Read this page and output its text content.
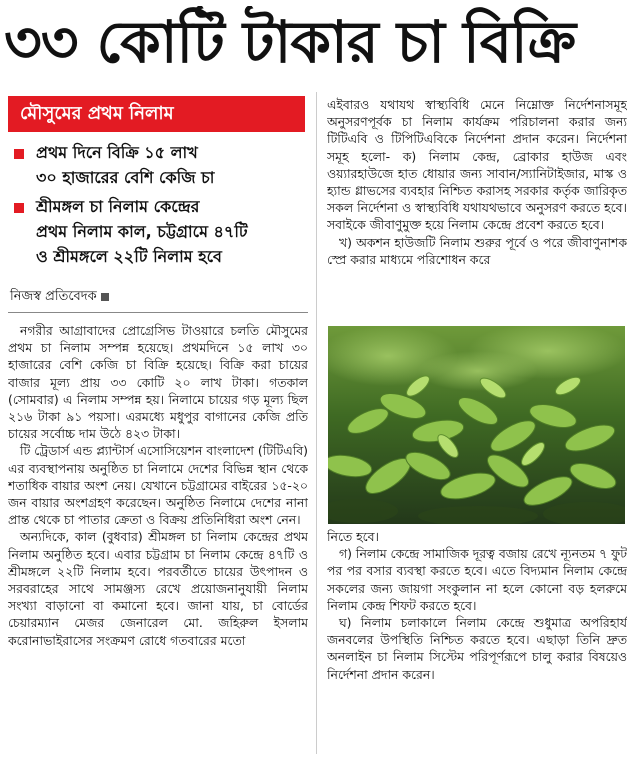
৩৩ কোটি টাকার চা বিক্রি
মৌসুমের প্রথম নিলাম
প্রথম দিনে বিক্রি ১৫ লাখ
৩০ হাজারের বেশি কেজি চা
শ্রীমঙ্গল চা নিলাম কেন্দ্রের
প্রথম নিলাম কাল, চট্টগ্রামে ৪৭টি
ও শ্রীমঙ্গলে ২২টি নিলাম হবে
নিজস্ব প্রতিবেদক

নগরীর আগ্রাবাদের প্রোগ্রেসিভ টাওয়ারে চলতি মৌসুমের প্রথম চা নিলাম সম্পন্ন হয়েছে। প্রথমদিনে ১৫ লাখ ৩০ হাজারের বেশি কেজি চা বিক্রি হয়েছে। বিক্রি করা চায়ের বাজার মূল্য প্রায় ৩৩ কোটি ২০ লাখ টাকা। গতকাল (সোমবার) এ নিলাম সম্পন্ন হয়। নিলামে চায়ের গড় মূল্য ছিল ২১৬ টাকা ৯১ পয়সা। এরমধ্যে মধুপুর বাগানের কেজি প্রতি চায়ের সর্বোচ্চ দাম উঠে ৪২৩ টাকা।

টি ট্রেডার্স এন্ড প্ল্যান্টার্স এসোসিয়েশন বাংলাদেশ (টিটিএবি) এর ব্যবস্থাপনায় অনুষ্ঠিত চা নিলামে দেশের বিভিন্ন স্থান থেকে শতাধিক বায়ার অংশ নেয়। যেখানে চট্টগ্রামের বাইরের ১৫-২০ জন বায়ার অংশগ্রহণ করেছেন। অনুষ্ঠিত নিলামে দেশের নানা প্রান্ত থেকে চা পাতার ক্রেতা ও বিক্রয় প্রতিনিধিরা অংশ নেন।

অন্যদিকে, কাল (বুধবার) শ্রীমঙ্গল চা নিলাম কেন্দ্রের প্রথম নিলাম অনুষ্ঠিত হবে। এবার চট্টগ্রাম চা নিলাম কেন্দ্রে ৪৭টি ও শ্রীমঙ্গলে ২২টি নিলাম হবে। পরবর্তীতে চায়ের উৎপাদন ও সরবরাহের সাথে সামঞ্জস্য রেখে প্রয়োজনানুযায়ী নিলাম সংখ্যা বাড়ানো বা কমানো হবে। জানা যায়, চা বোর্ডের চেয়ারম্যান মেজর জেনারেল মো. জহিরুল ইসলাম করোনাভাইরাসের সংক্রমণ রোধে গতবারের মতো

এইবারও যথাযথ স্বাস্থ্যবিধি মেনে নিম্নোক্ত নির্দেশনাসমূহ অনুসরণপূর্বক চা নিলাম কার্যক্রম পরিচালনা করার জন্য টিটিএবি ও টিপিটিএবিকে নির্দেশনা প্রদান করেন। নির্দেশনা সমূহ হলো- ক) নিলাম কেন্দ্র, ব্রোকার হাউজ এবং ওয়্যারহাউজে হাত ধোয়ার জন্য সাবান/স্যানিটাইজার, মাস্ক ও হ্যান্ড গ্লাভসের ব্যবহার নিশ্চিত করাসহ সরকার কর্তৃক জারিকৃত সকল নির্দেশনা ও স্বাস্থ্যবিধি যথাযথভাবে অনুসরণ করতে হবে। সবাইকে জীবাণুমুক্ত হয়ে নিলাম কেন্দ্রে প্রবেশ করতে হবে।

খ) অকশন হাউজটি নিলাম শুরুর পূর্বে ও পরে জীবাণুনাশক স্প্রে করার মাধ্যমে পরিশোধন করে

নিতে হবে।

গ) নিলাম কেন্দ্রে সামাজিক দূরত্ব বজায় রেখে ন্যূনতম ৭ ফুট পর পর বসার ব্যবস্থা করতে হবে। এতে বিদ্যমান নিলাম কেন্দ্রে সকলের জন্য জায়গা সংকুলান না হলে কোনো বড় হলরুমে নিলাম কেন্দ্র শিফট করতে হবে।

ঘ) নিলাম চলাকালে নিলাম কেন্দ্রে শুধুমাত্র অপরিহার্য জনবলের উপস্থিতি নিশ্চিত করতে হবে। এছাড়া তিনি দ্রুত অনলাইন চা নিলাম সিস্টেম পরিপূর্ণরূপে চালু করার বিষয়েও নির্দেশনা প্রদান করেন।
